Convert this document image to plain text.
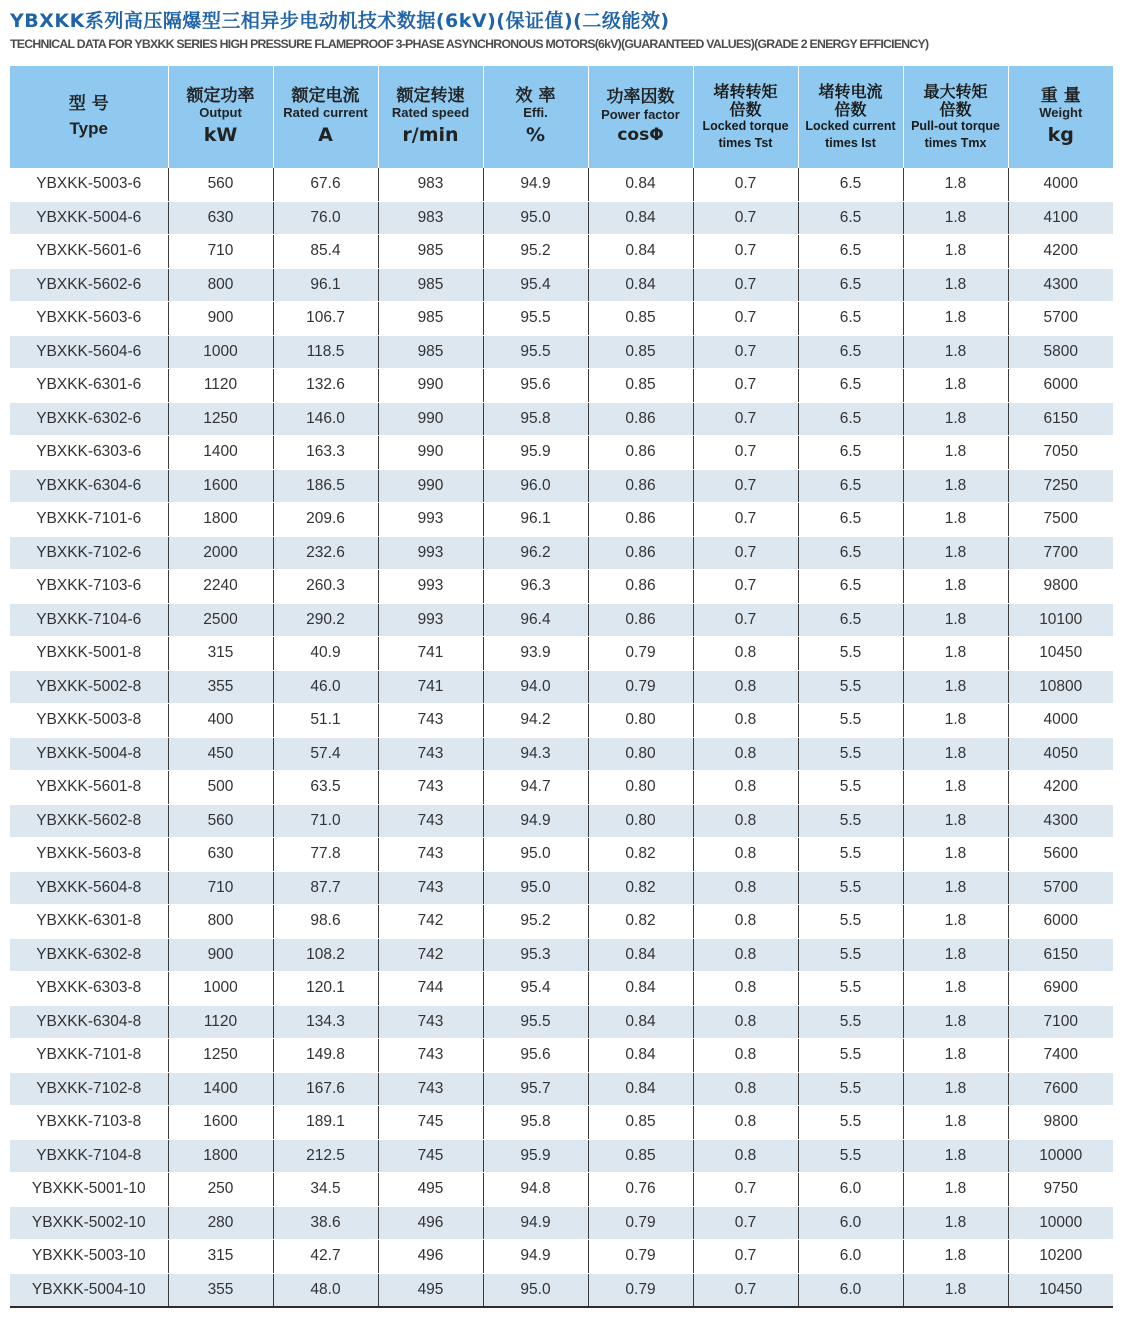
YBXKK系列高压隔爆型三相异步电动机技术数据(6kV)(保证值)(二级能效)
TECHNICAL DATA FOR YBXKK SERIES HIGH PRESSURE FLAMEPROOF 3-PHASE ASYNCHRONOUS MOTORS(6kV)(GUARANTEED VALUES)(GRADE 2 ENERGY EFFICIENCY)
型 号
Type	额定功率
Output
kW	额定电流
Rated current
A	额定转速
Rated speed
r/min	效 率
Effi.
%	功率因数
Power factor
cosΦ	堵转转矩
倍数
Locked torque
times Tst	堵转电流
倍数
Locked current
times Ist	最大转矩
倍数
Pull-out torque
times Tmx	重 量
Weight
kg

YBXKK-5003-6	560	67.6	983	94.9	0.84	0.7	6.5	1.8	4000
YBXKK-5004-6	630	76.0	983	95.0	0.84	0.7	6.5	1.8	4100
YBXKK-5601-6	710	85.4	985	95.2	0.84	0.7	6.5	1.8	4200
YBXKK-5602-6	800	96.1	985	95.4	0.84	0.7	6.5	1.8	4300
YBXKK-5603-6	900	106.7	985	95.5	0.85	0.7	6.5	1.8	5700
YBXKK-5604-6	1000	118.5	985	95.5	0.85	0.7	6.5	1.8	5800
YBXKK-6301-6	1120	132.6	990	95.6	0.85	0.7	6.5	1.8	6000
YBXKK-6302-6	1250	146.0	990	95.8	0.86	0.7	6.5	1.8	6150
YBXKK-6303-6	1400	163.3	990	95.9	0.86	0.7	6.5	1.8	7050
YBXKK-6304-6	1600	186.5	990	96.0	0.86	0.7	6.5	1.8	7250
YBXKK-7101-6	1800	209.6	993	96.1	0.86	0.7	6.5	1.8	7500
YBXKK-7102-6	2000	232.6	993	96.2	0.86	0.7	6.5	1.8	7700
YBXKK-7103-6	2240	260.3	993	96.3	0.86	0.7	6.5	1.8	9800
YBXKK-7104-6	2500	290.2	993	96.4	0.86	0.7	6.5	1.8	10100
YBXKK-5001-8	315	40.9	741	93.9	0.79	0.8	5.5	1.8	10450
YBXKK-5002-8	355	46.0	741	94.0	0.79	0.8	5.5	1.8	10800
YBXKK-5003-8	400	51.1	743	94.2	0.80	0.8	5.5	1.8	4000
YBXKK-5004-8	450	57.4	743	94.3	0.80	0.8	5.5	1.8	4050
YBXKK-5601-8	500	63.5	743	94.7	0.80	0.8	5.5	1.8	4200
YBXKK-5602-8	560	71.0	743	94.9	0.80	0.8	5.5	1.8	4300
YBXKK-5603-8	630	77.8	743	95.0	0.82	0.8	5.5	1.8	5600
YBXKK-5604-8	710	87.7	743	95.0	0.82	0.8	5.5	1.8	5700
YBXKK-6301-8	800	98.6	742	95.2	0.82	0.8	5.5	1.8	6000
YBXKK-6302-8	900	108.2	742	95.3	0.84	0.8	5.5	1.8	6150
YBXKK-6303-8	1000	120.1	744	95.4	0.84	0.8	5.5	1.8	6900
YBXKK-6304-8	1120	134.3	743	95.5	0.84	0.8	5.5	1.8	7100
YBXKK-7101-8	1250	149.8	743	95.6	0.84	0.8	5.5	1.8	7400
YBXKK-7102-8	1400	167.6	743	95.7	0.84	0.8	5.5	1.8	7600
YBXKK-7103-8	1600	189.1	745	95.8	0.85	0.8	5.5	1.8	9800
YBXKK-7104-8	1800	212.5	745	95.9	0.85	0.8	5.5	1.8	10000
YBXKK-5001-10	250	34.5	495	94.8	0.76	0.7	6.0	1.8	9750
YBXKK-5002-10	280	38.6	496	94.9	0.79	0.7	6.0	1.8	10000
YBXKK-5003-10	315	42.7	496	94.9	0.79	0.7	6.0	1.8	10200
YBXKK-5004-10	355	48.0	495	95.0	0.79	0.7	6.0	1.8	10450
